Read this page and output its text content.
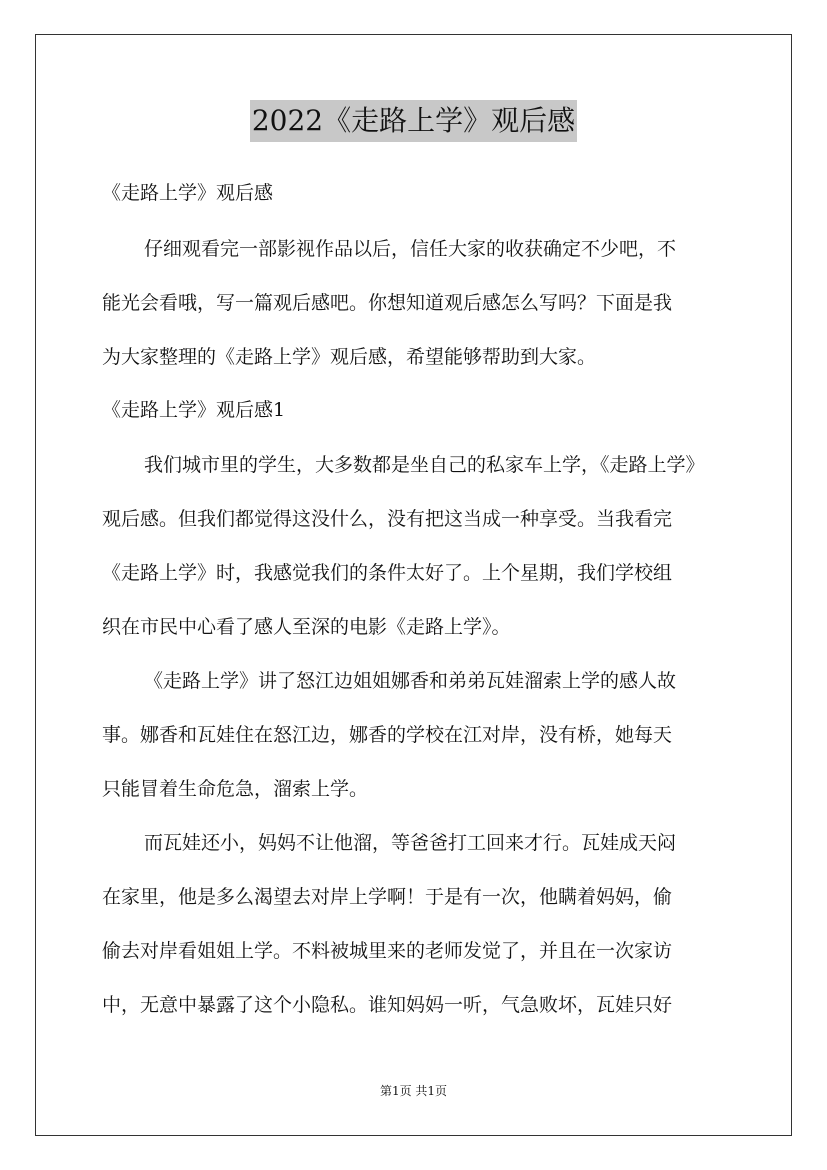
2022《走路上学》观后感
《走路上学》观后感
仔细观看完一部影视作品以后，信任大家的收获确定不少吧，不
能光会看哦，写一篇观后感吧。你想知道观后感怎么写吗？下面是我
为大家整理的《走路上学》观后感，希望能够帮助到大家。
《走路上学》观后感1
我们城市里的学生，大多数都是坐自己的私家车上学，《走路上学》
观后感。但我们都觉得这没什么，没有把这当成一种享受。当我看完
《走路上学》时，我感觉我们的条件太好了。上个星期，我们学校组
织在市民中心看了感人至深的电影《走路上学》。
《走路上学》讲了怒江边姐姐娜香和弟弟瓦娃溜索上学的感人故
事。娜香和瓦娃住在怒江边，娜香的学校在江对岸，没有桥，她每天
只能冒着生命危急，溜索上学。
而瓦娃还小，妈妈不让他溜，等爸爸打工回来才行。瓦娃成天闷
在家里，他是多么渴望去对岸上学啊！于是有一次，他瞒着妈妈，偷
偷去对岸看姐姐上学。不料被城里来的老师发觉了，并且在一次家访
中，无意中暴露了这个小隐私。谁知妈妈一听，气急败坏，瓦娃只好
第1页 共1页
